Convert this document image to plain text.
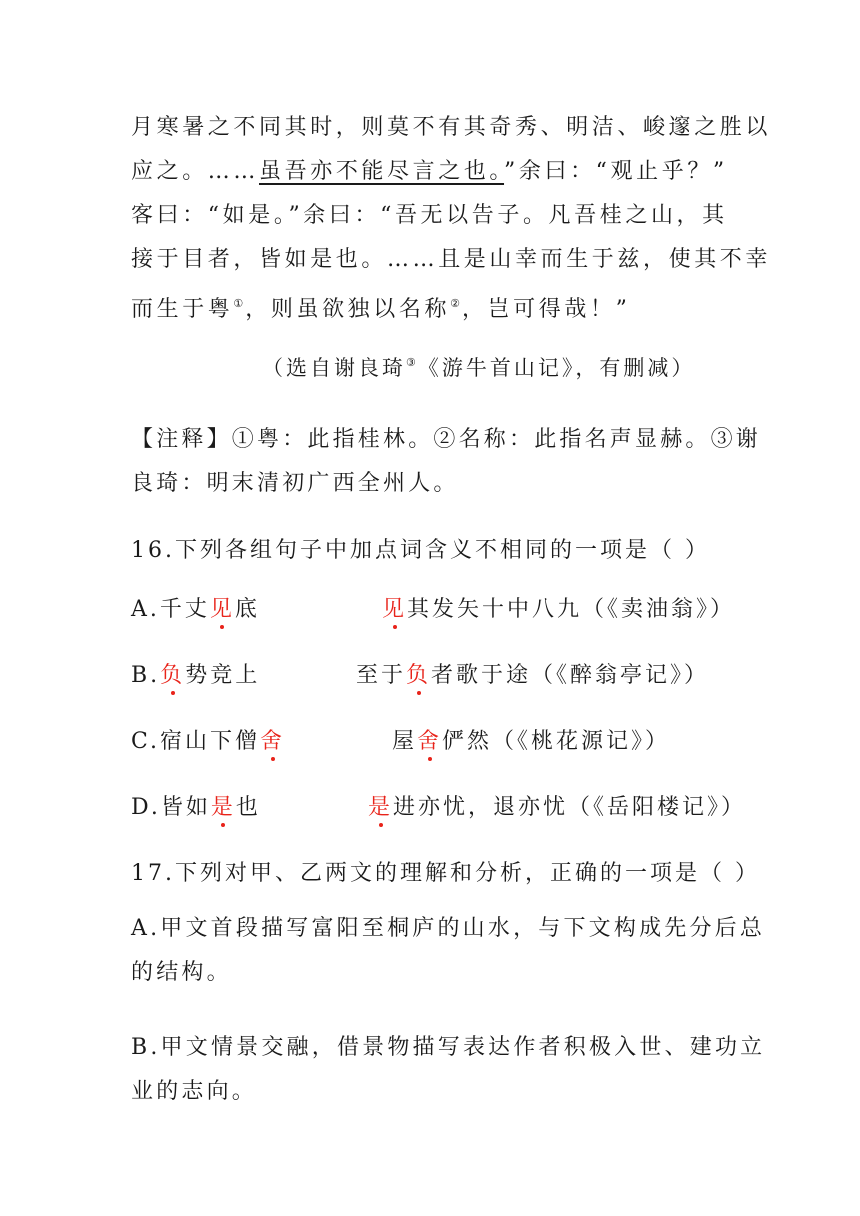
月寒暑之不同其时，则莫不有其奇秀、明洁、峻邃之胜以
应之。……虽吾亦不能尽言之也。”余曰：“观止乎？”
客曰：“如是。”余曰：“吾无以告子。凡吾桂之山，其
接于目者，皆如是也。……且是山幸而生于兹，使其不幸
而生于粤①，则虽欲独以名称②，岂可得哉！”
（选自谢良琦③《游牛首山记》，有删减）
【注释】①粤：此指桂林。②名称：此指名声显赫。③谢
良琦：明末清初广西全州人。
16.下列各组句子中加点词含义不相同的一项是（ ）
A.千丈见底	见其发矢十中八九（《卖油翁》）
B.负势竞上	至于负者歌于途（《醉翁亭记》）
C.宿山下僧舍	屋舍俨然（《桃花源记》）
D.皆如是也	是进亦忧，退亦忧（《岳阳楼记》）
17.下列对甲、乙两文的理解和分析，正确的一项是（ ）
A.甲文首段描写富阳至桐庐的山水，与下文构成先分后总
的结构。
B.甲文情景交融，借景物描写表达作者积极入世、建功立
业的志向。
